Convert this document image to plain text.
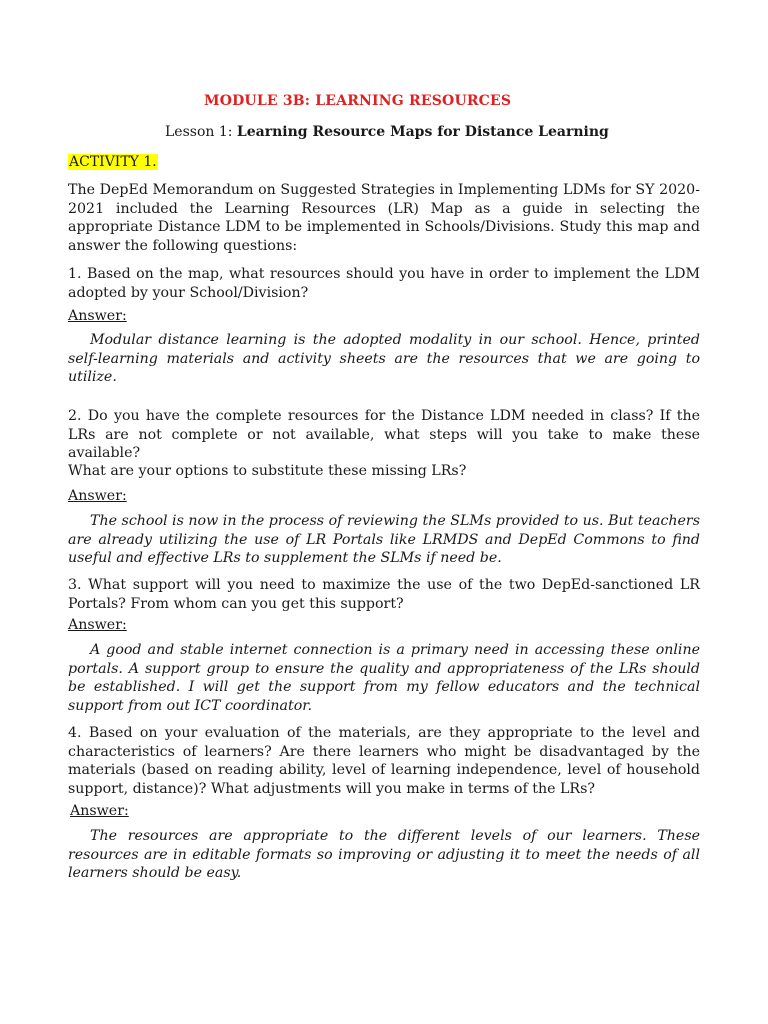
MODULE 3B: LEARNING RESOURCES

Lesson 1: Learning Resource Maps for Distance Learning

ACTIVITY 1.

The DepEd Memorandum on Suggested Strategies in Implementing LDMs for SY 2020-2021 included the Learning Resources (LR) Map as a guide in selecting the appropriate Distance LDM to be implemented in Schools/Divisions. Study this map and answer the following questions:

1. Based on the map, what resources should you have in order to implement the LDM adopted by your School/Division?

Answer:

Modular distance learning is the adopted modality in our school. Hence, printed self-learning materials and activity sheets are the resources that we are going to utilize.

2. Do you have the complete resources for the Distance LDM needed in class? If the LRs are not complete or not available, what steps will you take to make these available?

What are your options to substitute these missing LRs?

Answer:

The school is now in the process of reviewing the SLMs provided to us. But teachers are already utilizing the use of LR Portals like LRMDS and DepEd Commons to find useful and effective LRs to supplement the SLMs if need be.

3. What support will you need to maximize the use of the two DepEd-sanctioned LR Portals? From whom can you get this support?

Answer:

A good and stable internet connection is a primary need in accessing these online portals. A support group to ensure the quality and appropriateness of the LRs should be established. I will get the support from my fellow educators and the technical support from out ICT coordinator.

4. Based on your evaluation of the materials, are they appropriate to the level and characteristics of learners? Are there learners who might be disadvantaged by the materials (based on reading ability, level of learning independence, level of household support, distance)? What adjustments will you make in terms of the LRs?

Answer:

The resources are appropriate to the different levels of our learners. These resources are in editable formats so improving or adjusting it to meet the needs of all learners should be easy.
